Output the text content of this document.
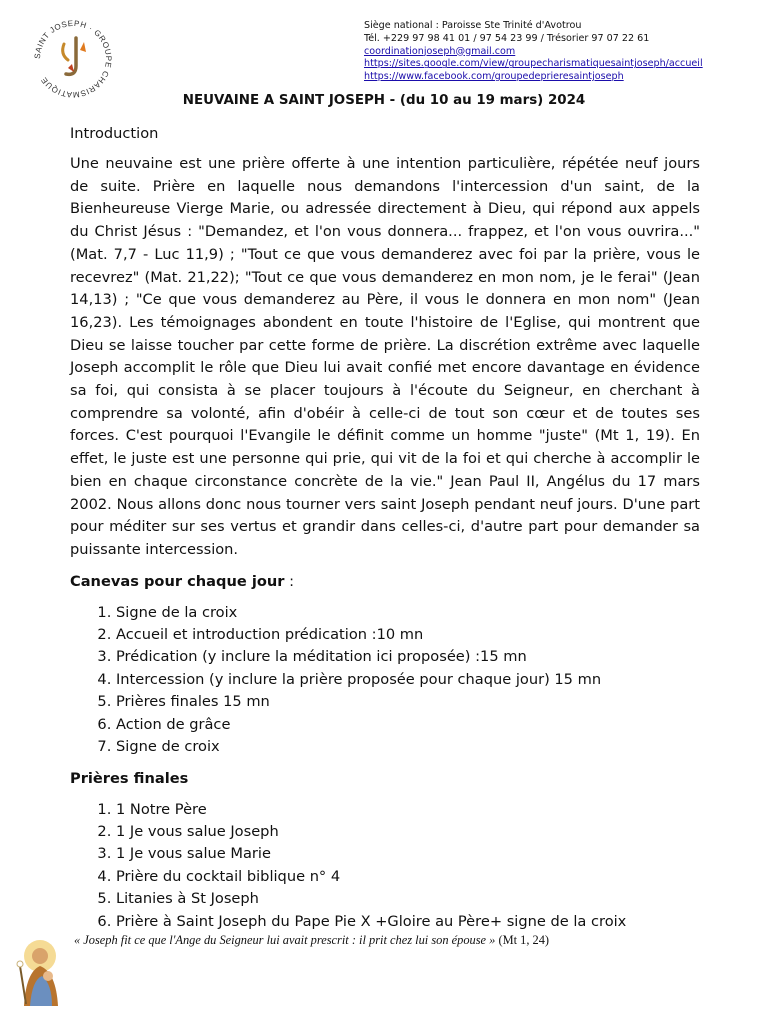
SAINT JOSEPH · GROUPE CHARISMATIQUE
Siège national : Paroisse Ste Trinité d'Avotrou
Tél. +229 97 98 41 01 / 97 54 23 99 / Trésorier 97 07 22 61
coordinationjoseph@gmail.com
https://sites.google.com/view/groupecharismatiquesaintjoseph/accueil
https://www.facebook.com/groupedeprieresaintjoseph
NEUVAINE A SAINT JOSEPH - (du 10 au 19 mars) 2024

Introduction

Une neuvaine est une prière offerte à une intention particulière, répétée neuf jours de suite. Prière en laquelle nous demandons l'intercession d'un saint, de la Bienheureuse Vierge Marie, ou adressée directement à Dieu, qui répond aux appels du Christ Jésus : "Demandez, et l'on vous donnera... frappez, et l'on vous ouvrira..." (Mat. 7,7 - Luc 11,9) ; "Tout ce que vous demanderez avec foi par la prière, vous le recevrez" (Mat. 21,22); "Tout ce que vous demanderez en mon nom, je le ferai" (Jean 14,13) ; "Ce que vous demanderez au Père, il vous le donnera en mon nom" (Jean 16,23). Les témoignages abondent en toute l'histoire de l'Eglise, qui montrent que Dieu se laisse toucher par cette forme de prière. La discrétion extrême avec laquelle Joseph accomplit le rôle que Dieu lui avait confié met encore davantage en évidence sa foi, qui consista à se placer toujours à l'écoute du Seigneur, en cherchant à comprendre sa volonté, afin d'obéir à celle-ci de tout son cœur et de toutes ses forces. C'est pourquoi l'Evangile le définit comme un homme "juste" (Mt 1, 19). En effet, le juste est une personne qui prie, qui vit de la foi et qui cherche à accomplir le bien en chaque circonstance concrète de la vie." Jean Paul II, Angélus du 17 mars 2002. Nous allons donc nous tourner vers saint Joseph pendant neuf jours. D'une part pour méditer sur ses vertus et grandir dans celles-ci, d'autre part pour demander sa puissante intercession.

Canevas pour chaque jour :

1. Signe de la croix
2. Accueil et introduction prédication :10 mn
3. Prédication (y inclure la méditation ici proposée) :15 mn
4. Intercession (y inclure la prière proposée pour chaque jour) 15 mn
5. Prières finales 15 mn
6. Action de grâce
7. Signe de croix

Prières finales

1. 1 Notre Père
2. 1 Je vous salue Joseph
3. 1 Je vous salue Marie
4. Prière du cocktail biblique n° 4
5. Litanies à St Joseph
6. Prière à Saint Joseph du Pape Pie X +Gloire au Père+ signe de la croix
« Joseph fit ce que l'Ange du Seigneur lui avait prescrit : il prit chez lui son épouse » (Mt 1, 24)
